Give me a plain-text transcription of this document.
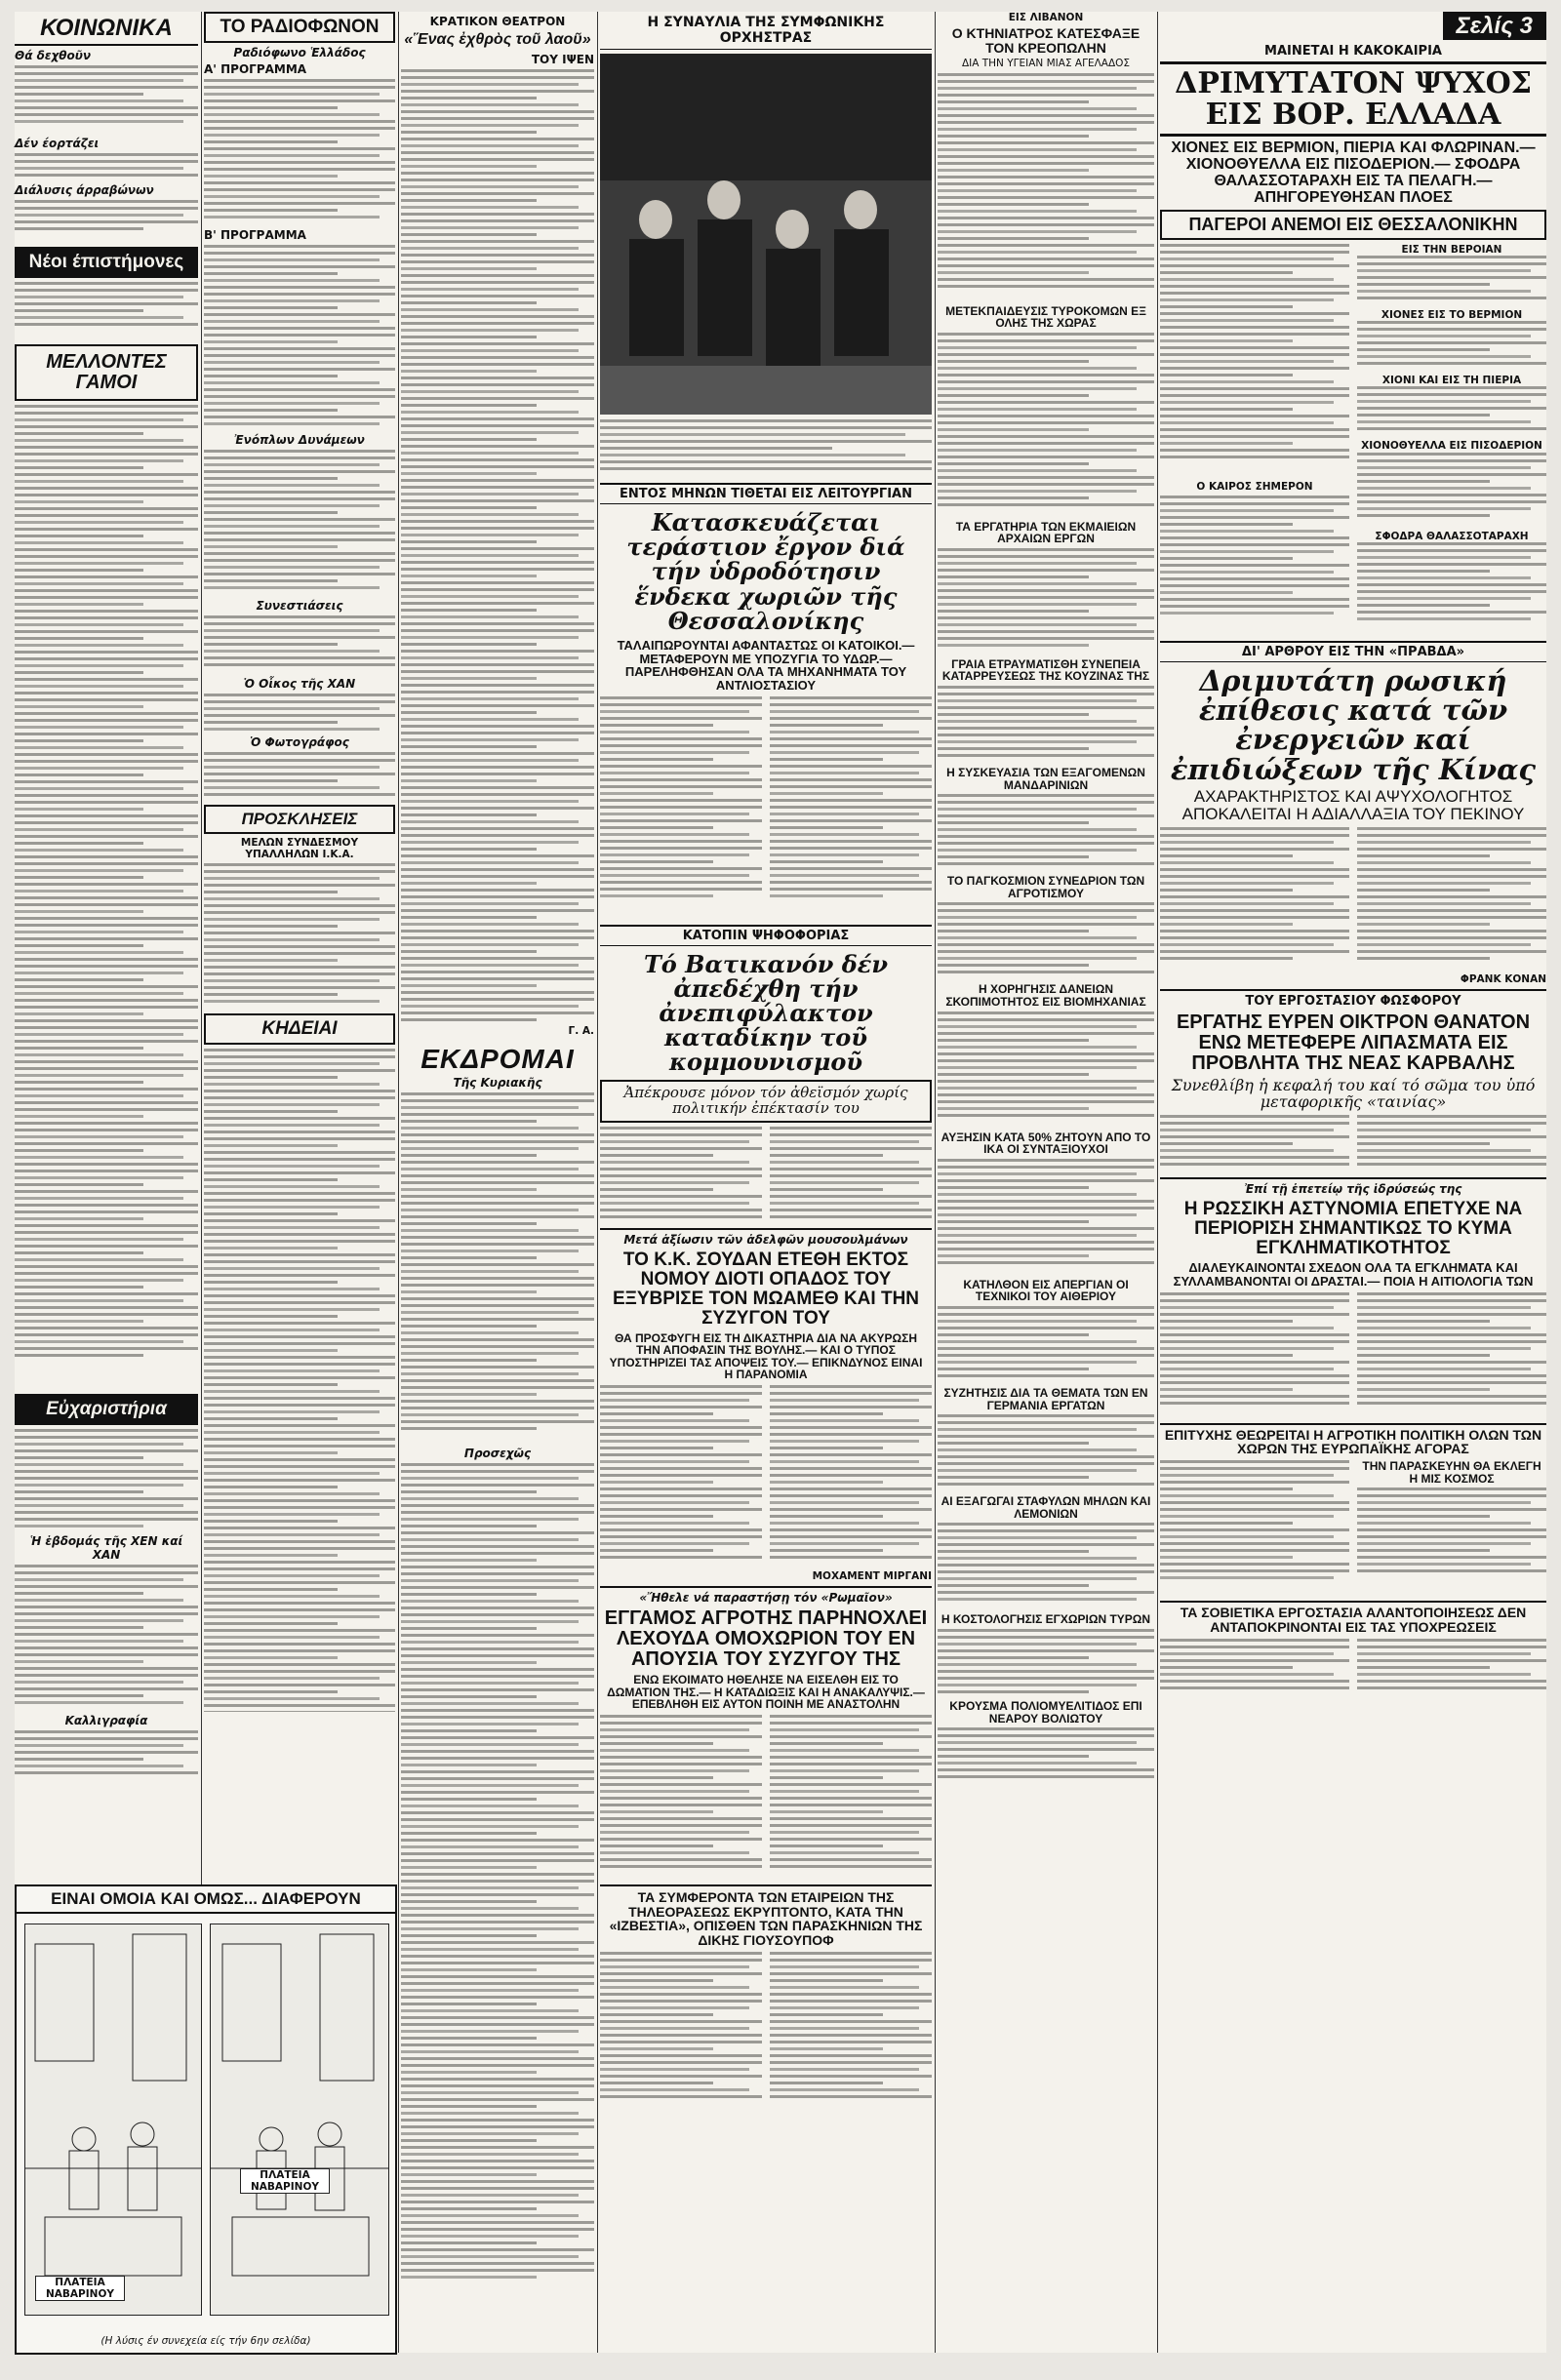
ΚΟΙΝΩΝΙΚΑ
Θά δεχθοῦν
Δέν έορτάζει
Διάλυσις άρραβώνων
Νέοι έπιστήμονες
ΜΕΛΛΟΝΤΕΣ ΓΑΜΟΙ
Εὐχαριστήρια
Ἡ ἑβδομάς τῆς ΧΕΝ καί ΧΑΝ
Καλλιγραφία
ΕΙΝΑΙ ΟΜΟΙΑ ΚΑΙ ΟΜΩΣ... ΔΙΑΦΕΡΟΥΝ
ΠΛΑΤΕΙΑ ΝΑΒΑΡΙΝΟΥ
ΠΛΑΤΕΙΑ ΝΑΒΑΡΙΝΟΥ
(Η λύσις έν συνεχεία είς τήν 6ην σελίδα)
ΤΟ ΡΑΔΙΟΦΩΝΟΝ
Ραδιόφωνο Ἑλλάδος
Α' ΠΡΟΓΡΑΜΜΑ
Β' ΠΡΟΓΡΑΜΜΑ
Ἐνόπλων Δυνάμεων
Συνεστιάσεις
Ὁ Οἶκος τῆς ΧΑΝ
Ὁ Φωτογράφος
ΠΡΟΣΚΛΗΣΕΙΣ
ΜΕΛΩΝ ΣΥΝΔΕΣΜΟΥ ΥΠΑΛΛΗΛΩΝ Ι.Κ.Α.
ΚΗΔΕΙΑΙ
ΚΡΑΤΙΚΟΝ ΘΕΑΤΡΟΝ
«Ἕνας ἐχθρὸς τοῦ λαοῦ»
ΤΟΥ ΙΨΕΝ
Γ. Α.
ΕΚΔΡΟΜΑΙ
Τῆς Κυριακῆς
Προσεχῶς
Η ΣΥΝΑΥΛΙΑ ΤΗΣ ΣΥΜΦΩΝΙΚΗΣ ΟΡΧΗΣΤΡΑΣ
ΕΝΤΟΣ ΜΗΝΩΝ ΤΙΘΕΤΑΙ ΕΙΣ ΛΕΙΤΟΥΡΓΙΑΝ
Κατασκευάζεται τεράστιον ἔργον διά τήν ὑδροδότησιν ἕνδεκα χωριῶν τῆς Θεσσαλονίκης
ΤΑΛΑΙΠΩΡΟΥΝΤΑΙ ΑΦΑΝΤΑΣΤΩΣ ΟΙ ΚΑΤΟΙΚΟΙ.— ΜΕΤΑΦΕΡΟΥΝ ΜΕ ΥΠΟΖΥΓΙΑ ΤΟ ΥΔΩΡ.— ΠΑΡΕΛΗΦΘΗΣΑΝ ΟΛΑ ΤΑ ΜΗΧΑΝΗΜΑΤΑ ΤΟΥ ΑΝΤΛΙΟΣΤΑΣΙΟΥ
ΚΑΤΟΠΙΝ ΨΗΦΟΦΟΡΙΑΣ
Τό Βατικανόν δέν ἀπεδέχθη τήν ἀνεπιφύλακτον καταδίκην τοῦ κομμουνισμοῦ
Ἀπέκρουσε μόνον τόν ἀθεϊσμόν χωρίς πολιτικήν ἐπέκτασίν του
Μετά ἀξίωσιν τῶν ἀδελφῶν μουσουλμάνων
ΤΟ Κ.Κ. ΣΟΥΔΑΝ ΕΤΕΘΗ ΕΚΤΟΣ ΝΟΜΟΥ ΔΙΟΤΙ ΟΠΑΔΟΣ ΤΟΥ ΕΞΥΒΡΙΣΕ ΤΟΝ ΜΩΑΜΕΘ ΚΑΙ ΤΗΝ ΣΥΖΥΓΟΝ ΤΟΥ
ΘΑ ΠΡΟΣΦΥΓΗ ΕΙΣ ΤΗ ΔΙΚΑΣΤΗΡΙΑ ΔΙΑ ΝΑ ΑΚΥΡΩΣΗ ΤΗΝ ΑΠΟΦΑΣΙΝ ΤΗΣ ΒΟΥΛΗΣ.— ΚΑΙ Ο ΤΥΠΟΣ ΥΠΟΣΤΗΡΙΖΕΙ ΤΑΣ ΑΠΟΨΕΙΣ ΤΟΥ.— ΕΠΙΚΝΔΥΝΟΣ ΕΙΝΑΙ Η ΠΑΡΑΝΟΜΙΑ
ΜΟΧΑΜΕΝΤ ΜΙΡΓΑΝΙ
«Ἤθελε νά παραστήσῃ τόν «Ρωμαῖον»
ΕΓΓΑΜΟΣ ΑΓΡΟΤΗΣ ΠΑΡΗΝΟΧΛΕΙ ΛΕΧΟΥΔΑ ΟΜΟΧΩΡΙΟΝ ΤΟΥ ΕΝ ΑΠΟΥΣΙΑ ΤΟΥ ΣΥΖΥΓΟΥ ΤΗΣ
ΕΝΩ ΕΚΟΙΜΑΤΟ ΗΘΕΛΗΣΕ ΝΑ ΕΙΣΕΛΘΗ ΕΙΣ ΤΟ ΔΩΜΑΤΙΟΝ ΤΗΣ.— Η ΚΑΤΑΔΙΩΞΙΣ ΚΑΙ Η ΑΝΑΚΑΛΥΨΙΣ.— ΕΠΕΒΛΗΘΗ ΕΙΣ ΑΥΤΟΝ ΠΟΙΝΗ ΜΕ ΑΝΑΣΤΟΛΗΝ
ΤΑ ΣΥΜΦΕΡΟΝΤΑ ΤΩΝ ΕΤΑΙΡΕΙΩΝ ΤΗΣ ΤΗΛΕΟΡΑΣΕΩΣ ΕΚΡΥΠΤΟΝΤΟ, ΚΑΤΑ ΤΗΝ «ΙΖΒΕΣΤΙΑ», ΟΠΙΣΘΕΝ ΤΩΝ ΠΑΡΑΣΚΗΝΙΩΝ ΤΗΣ ΔΙΚΗΣ ΓΙΟΥΣΟΥΠΟΦ
ΕΙΣ ΛΙΒΑΝΟΝ
Ο ΚΤΗΝΙΑΤΡΟΣ ΚΑΤΕΣΦΑΞΕ ΤΟΝ ΚΡΕΟΠΩΛΗΝ
ΔΙΑ ΤΗΝ ΥΓΕΙΑΝ ΜΙΑΣ ΑΓΕΛΑΔΟΣ
ΜΕΤΕΚΠΑΙΔΕΥΣΙΣ ΤΥΡΟΚΟΜΩΝ ΕΞ ΟΛΗΣ ΤΗΣ ΧΩΡΑΣ
ΤΑ ΕΡΓΑΤΗΡΙΑ ΤΩΝ ΕΚΜΑΙΕΙΩΝ ΑΡΧΑΙΩΝ ΕΡΓΩΝ
ΓΡΑΙΑ ΕΤΡΑΥΜΑΤΙΣΘΗ ΣΥΝΕΠΕΙΑ ΚΑΤΑΡΡΕΥΣΕΩΣ ΤΗΣ ΚΟΥΖΙΝΑΣ ΤΗΣ
Η ΣΥΣΚΕΥΑΣΙΑ ΤΩΝ ΕΞΑΓΟΜΕΝΩΝ ΜΑΝΔΑΡΙΝΙΩΝ
ΤΟ ΠΑΓΚΟΣΜΙΟΝ ΣΥΝΕΔΡΙΟΝ ΤΩΝ ΑΓΡΟΤΙΣΜΟΥ
Η ΧΟΡΗΓΗΣΙΣ ΔΑΝΕΙΩΝ ΣΚΟΠΙΜΟΤΗΤΟΣ ΕΙΣ ΒΙΟΜΗΧΑΝΙΑΣ
ΑΥΞΗΣΙΝ ΚΑΤΑ 50% ΖΗΤΟΥΝ ΑΠΟ ΤΟ ΙΚΑ ΟΙ ΣΥΝΤΑΞΙΟΥΧΟΙ
ΚΑΤΗΛΘΟΝ ΕΙΣ ΑΠΕΡΓΙΑΝ ΟΙ ΤΕΧΝΙΚΟΙ ΤΟΥ ΑΙΘΕΡΙΟΥ
ΣΥΖΗΤΗΣΙΣ ΔΙΑ ΤΑ ΘΕΜΑΤΑ ΤΩΝ ΕΝ ΓΕΡΜΑΝΙΑ ΕΡΓΑΤΩΝ
ΑΙ ΕΞΑΓΩΓΑΙ ΣΤΑΦΥΛΩΝ ΜΗΛΩΝ ΚΑΙ ΛΕΜΟΝΙΩΝ
Η ΚΟΣΤΟΛΟΓΗΣΙΣ ΕΓΧΩΡΙΩΝ ΤΥΡΩΝ
ΚΡΟΥΣΜΑ ΠΟΛΙΟΜΥΕΛΙΤΙΔΟΣ ΕΠΙ ΝΕΑΡΟΥ ΒΟΛΙΩΤΟΥ
Σελίς 3
ΜΑΙΝΕΤΑΙ Η ΚΑΚΟΚΑΙΡΙΑ
ΔΡΙΜΥΤΑΤΟΝ ΨΥΧΟΣ ΕΙΣ ΒΟΡ. ΕΛΛΑΔΑ
ΧΙΟΝΕΣ ΕΙΣ ΒΕΡΜΙΟΝ, ΠΙΕΡΙΑ ΚΑΙ ΦΛΩΡΙΝΑΝ.— ΧΙΟΝΟΘΥΕΛΛΑ ΕΙΣ ΠΙΣΟΔΕΡΙΟΝ.— ΣΦΟΔΡΑ ΘΑΛΑΣΣΟΤΑΡΑΧΗ ΕΙΣ ΤΑ ΠΕΛΑΓΗ.— ΑΠΗΓΟΡΕΥΘΗΣΑΝ ΠΛΟΕΣ
ΠΑΓΕΡΟΙ ΑΝΕΜΟΙ ΕΙΣ ΘΕΣΣΑΛΟΝΙΚΗΝ
Ο ΚΑΙΡΟΣ ΣΗΜΕΡΟΝ
ΕΙΣ ΤΗΝ ΒΕΡΟΙΑΝ
ΧΙΟΝΕΣ ΕΙΣ ΤΟ ΒΕΡΜΙΟΝ
ΧΙΟΝΙ ΚΑΙ ΕΙΣ ΤΗ ΠΙΕΡΙΑ
ΧΙΟΝΟΘΥΕΛΛΑ ΕΙΣ ΠΙΣΟΔΕΡΙΟΝ
ΣΦΟΔΡΑ ΘΑΛΑΣΣΟΤΑΡΑΧΗ
ΔΙ' ΑΡΘΡΟΥ ΕΙΣ ΤΗΝ «ΠΡΑΒΔΑ»
Δριμυτάτη ρωσική ἐπίθεσις κατά τῶν ἐνεργειῶν καί ἐπιδιώξεων τῆς Κίνας
ΑΧΑΡΑΚΤΗΡΙΣΤΟΣ ΚΑΙ ΑΨΥΧΟΛΟΓΗΤΟΣ ΑΠΟΚΑΛΕΙΤΑΙ Η ΑΔΙΑΛΛΑΞΙΑ ΤΟΥ ΠΕΚΙΝΟΥ
ΦΡΑΝΚ ΚΟΝΑΝ
ΤΟΥ ΕΡΓΟΣΤΑΣΙΟΥ ΦΩΣΦΟΡΟΥ
ΕΡΓΑΤΗΣ ΕΥΡΕΝ ΟΙΚΤΡΟΝ ΘΑΝΑΤΟΝ ΕΝΩ ΜΕΤΕΦΕΡΕ ΛΙΠΑΣΜΑΤΑ ΕΙΣ ΠΡΟΒΛΗΤΑ ΤΗΣ ΝΕΑΣ ΚΑΡΒΑΛΗΣ
Συνεθλίβη ἡ κεφαλή του καί τό σῶμα του ὑπό μεταφορικῆς «ταινίας»
Ἐπί τῇ ἐπετείῳ τῆς ἱδρύσεώς της
Η ΡΩΣΣΙΚΗ ΑΣΤΥΝΟΜΙΑ ΕΠΕΤΥΧΕ ΝΑ ΠΕΡΙΟΡΙΣΗ ΣΗΜΑΝΤΙΚΩΣ ΤΟ ΚΥΜΑ ΕΓΚΛΗΜΑΤΙΚΟΤΗΤΟΣ
ΔΙΑΛΕΥΚΑΙΝΟΝΤΑΙ ΣΧΕΔΟΝ ΟΛΑ ΤΑ ΕΓΚΛΗΜΑΤΑ ΚΑΙ ΣΥΛΛΑΜΒΑΝΟΝΤΑΙ ΟΙ ΔΡΑΣΤΑΙ.— ΠΟΙΑ Η ΑΙΤΙΟΛΟΓΙΑ ΤΩΝ
ΕΠΙΤΥΧΗΣ ΘΕΩΡΕΙΤΑΙ Η ΑΓΡΟΤΙΚΗ ΠΟΛΙΤΙΚΗ ΟΛΩΝ ΤΩΝ ΧΩΡΩΝ ΤΗΣ ΕΥΡΩΠΑΪΚΗΣ ΑΓΟΡΑΣ
ΤΗΝ ΠΑΡΑΣΚΕΥΗΝ ΘΑ ΕΚΛΕΓΗ Η ΜΙΣ ΚΟΣΜΟΣ
ΤΑ ΣΟΒΙΕΤΙΚΑ ΕΡΓΟΣΤΑΣΙΑ ΑΛΑΝΤΟΠΟΙΗΣΕΩΣ ΔΕΝ ΑΝΤΑΠΟΚΡΙΝΟΝΤΑΙ ΕΙΣ ΤΑΣ ΥΠΟΧΡΕΩΣΕΙΣ
